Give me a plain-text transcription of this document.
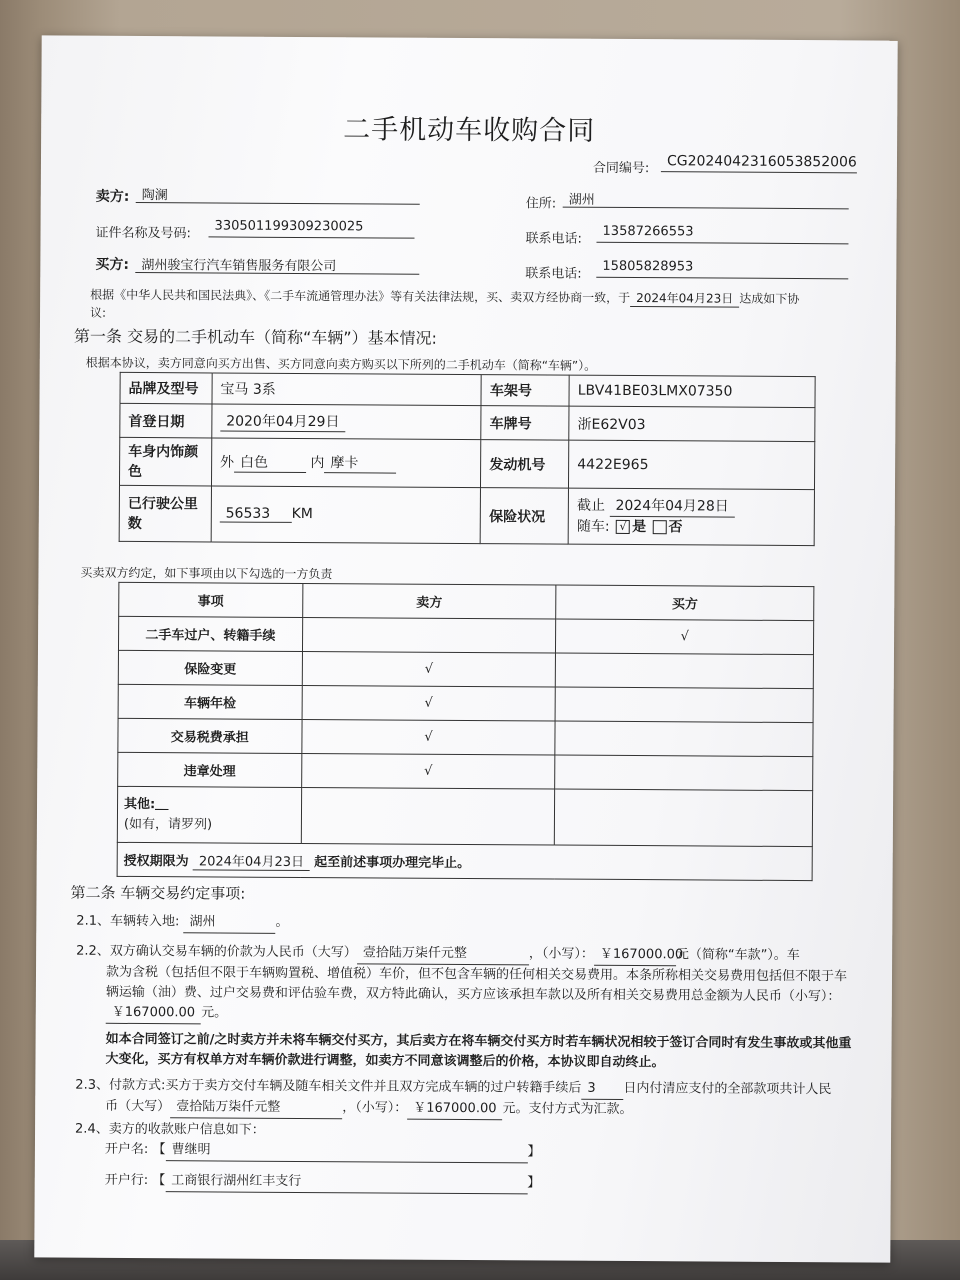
二手机动车收购合同
合同编号:	CG20240423160538520​06
卖方: 陶澜
住所: 湖州
证件名称及号码:	330501199309230025
联系电话:	13587266553
买方: 湖州骏宝行汽车销售服务有限公司	联系电话:	15805828953
根据《中华人民共和国民法典》、《二手车流通管理办法》等有关法律法规，买、卖双方经协商一致，于 2024年04月23日 达成如下协
议:
第一条 交易的二手机动车（简称“车辆”）基本情况:
根据本协议，卖方同意向买方出售、买方同意向卖方购买以下所列的二手机动车（简称“车辆”）。
品牌及型号	宝马 3系	车架号	LBV41BE03LMX07350
首登日期	2020年04月29日	车牌号	浙E62V03
车身内饰颜色	外 白色 内 摩卡	发动机号	4422E965
已行驶公里数	56533 KM	保险状况	截止 2024年04月28日
随车: √ 是 否
买卖双方约定，如下事项由以下勾选的一方负责
事项	卖方	买方
二手车过户、转籍手续		√
保险变更	√	
车辆年检	√	
交易税费承担	√	
违章处理	√	

其他:＿
(如有，请罗列)		

授权期限为 2024年04月23日 起至前述事项办理完毕止。		
第二条 车辆交易约定事项:
2.1、车辆转入地: 湖州	。
2.2、双方确认交易车辆的价款为人民币（大写） 壹拾陆万柒仟元整	，（小写）： ￥167000.00元（简称“车款”）。车
款为含税（包括但不限于车辆购置税、增值税）车价，但不包含车辆的任何相关交易费用。本条所称相关交易费用包括但不限于车
辆运输（油）费、过户交易费和评估验车费，双方特此确认，买方应该承担车款以及所有相关交易费用总金额为人民币（小写）：
￥167000.00 元。
如本合同签订之前/之时卖方并未将车辆交付买方，其后卖方在将车辆交付买方时若车辆状况相较于签订合同时有发生事故或其他重
大变化，买方有权单方对车辆价款进行调整，如卖方不同意该调整后的价格，本协议即自动终止。
2.3、付款方式:买方于卖方交付车辆及随车相关文件并且双方完成车辆的过户转籍手续后 3 日内付清应支付的全部款项共计人民
币（大写） 壹拾陆万柒仟元整	，（小写）： ￥167000.00 元。支付方式为汇款。
2.4、卖方的收款账户信息如下：
开户名: 【 曹继明	】
开户行: 【 工商银行湖州红丰支行	】
